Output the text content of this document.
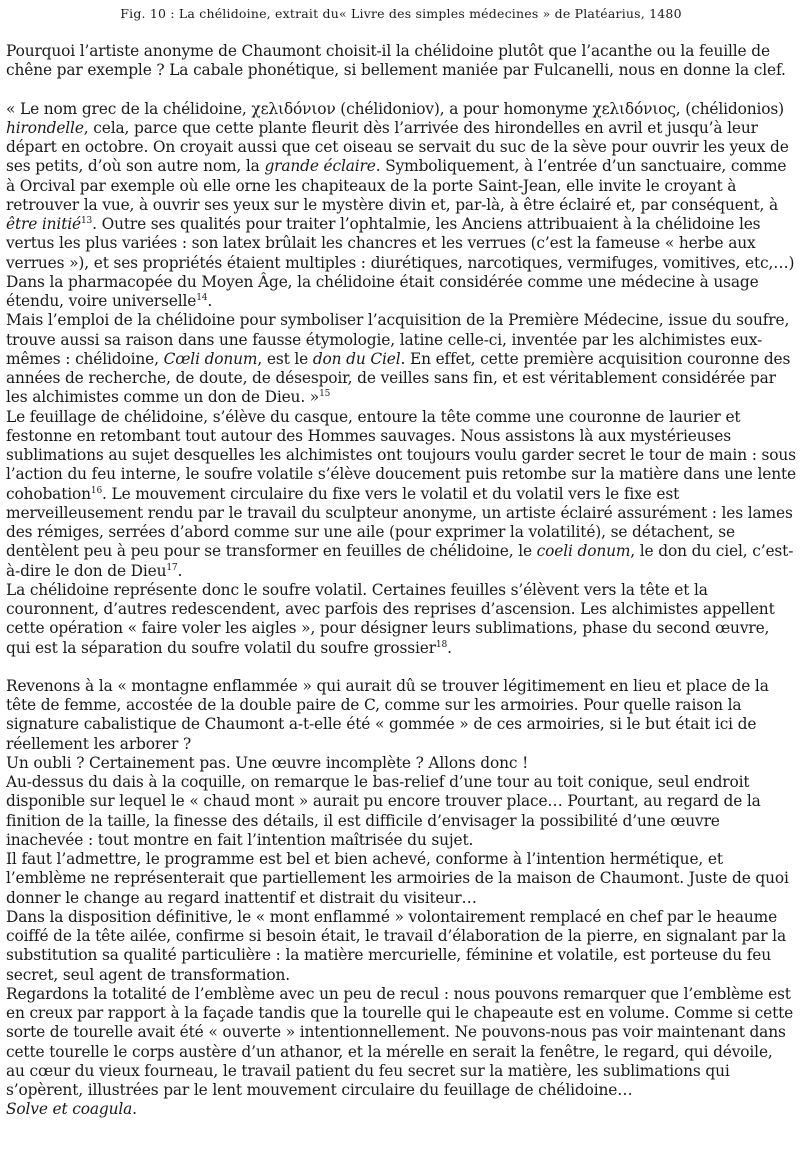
Fig. 10 : La chélidoine, extrait du« Livre des simples médecines » de Platéarius, 1480

Pourquoi l’artiste anonyme de Chaumont choisit-il la chélidoine plutôt que l’acanthe ou la feuille de chêne par exemple ? La cabale phonétique, si bellement maniée par Fulcanelli, nous en donne la clef.

« Le nom grec de la chélidoine, χελιδόνιον (chélidoniov), a pour homonyme χελιδόνιος, (chélidonios) hirondelle, cela, parce que cette plante fleurit dès l’arrivée des hirondelles en avril et jusqu’à leur départ en octobre. On croyait aussi que cet oiseau se servait du suc de la sève pour ouvrir les yeux de ses petits, d’où son autre nom, la grande éclaire. Symboliquement, à l’entrée d’un sanctuaire, comme à Orcival par exemple où elle orne les chapiteaux de la porte Saint-Jean, elle invite le croyant à retrouver la vue, à ouvrir ses yeux sur le mystère divin et, par-là, à être éclairé et, par conséquent, à être initié$^{13}$. Outre ses qualités pour traiter l’ophtalmie, les Anciens attribuaient à la chélidoine les vertus les plus variées : son latex brûlait les chancres et les verrues (c’est la fameuse « herbe aux verrues »), et ses propriétés étaient multiples : diurétiques, narcotiques, vermifuges, vomitives, etc,…) Dans la pharmacopée du Moyen Âge, la chélidoine était considérée comme une médecine à usage étendu, voire universelle$^{14}$.

Mais l’emploi de la chélidoine pour symboliser l’acquisition de la Première Médecine, issue du soufre, trouve aussi sa raison dans une fausse étymologie, latine celle-ci, inventée par les alchimistes eux-mêmes : chélidoine, Cœli donum, est le don du Ciel. En effet, cette première acquisition couronne des années de recherche, de doute, de désespoir, de veilles sans fin, et est véritablement considérée par les alchimistes comme un don de Dieu. »$^{15}$

Le feuillage de chélidoine, s’élève du casque, entoure la tête comme une couronne de laurier et festonne en retombant tout autour des Hommes sauvages. Nous assistons là aux mystérieuses sublimations au sujet desquelles les alchimistes ont toujours voulu garder secret le tour de main : sous l’action du feu interne, le soufre volatile s’élève doucement puis retombe sur la matière dans une lente cohobation$^{16}$. Le mouvement circulaire du fixe vers le volatil et du volatil vers le fixe est merveilleusement rendu par le travail du sculpteur anonyme, un artiste éclairé assurément : les lames des rémiges, serrées d’abord comme sur une aile (pour exprimer la volatilité), se détachent, se dentèlent peu à peu pour se transformer en feuilles de chélidoine, le coeli donum, le don du ciel, c’est-à-dire le don de Dieu$^{17}$.

La chélidoine représente donc le soufre volatil. Certaines feuilles s’élèvent vers la tête et la couronnent, d’autres redescendent, avec parfois des reprises d’ascension. Les alchimistes appellent cette opération « faire voler les aigles », pour désigner leurs sublimations, phase du second œuvre, qui est la séparation du soufre volatil du soufre grossier$^{18}$.

Revenons à la « montagne enflammée » qui aurait dû se trouver légitimement en lieu et place de la tête de femme, accostée de la double paire de C, comme sur les armoiries. Pour quelle raison la signature cabalistique de Chaumont a-t-elle été « gommée » de ces armoiries, si le but était ici de réellement les arborer ?

Un oubli ? Certainement pas. Une œuvre incomplète ? Allons donc !

Au-dessus du dais à la coquille, on remarque le bas-relief d’une tour au toit conique, seul endroit disponible sur lequel le « chaud mont » aurait pu encore trouver place… Pourtant, au regard de la finition de la taille, la finesse des détails, il est difficile d’envisager la possibilité d’une œuvre inachevée : tout montre en fait l’intention maîtrisée du sujet.

Il faut l’admettre, le programme est bel et bien achevé, conforme à l’intention hermétique, et l’emblème ne représenterait que partiellement les armoiries de la maison de Chaumont. Juste de quoi donner le change au regard inattentif et distrait du visiteur…

Dans la disposition définitive, le « mont enflammé » volontairement remplacé en chef par le heaume coiffé de la tête ailée, confirme si besoin était, le travail d’élaboration de la pierre, en signalant par la substitution sa qualité particulière : la matière mercurielle, féminine et volatile, est porteuse du feu secret, seul agent de transformation.

Regardons la totalité de l’emblème avec un peu de recul : nous pouvons remarquer que l’emblème est en creux par rapport à la façade tandis que la tourelle qui le chapeaute est en volume. Comme si cette sorte de tourelle avait été « ouverte » intentionnellement. Ne pouvons-nous pas voir maintenant dans cette tourelle le corps austère d’un athanor, et la mérelle en serait la fenêtre, le regard, qui dévoile, au cœur du vieux fourneau, le travail patient du feu secret sur la matière, les sublimations qui s’opèrent, illustrées par le lent mouvement circulaire du feuillage de chélidoine…

Solve et coagula.
